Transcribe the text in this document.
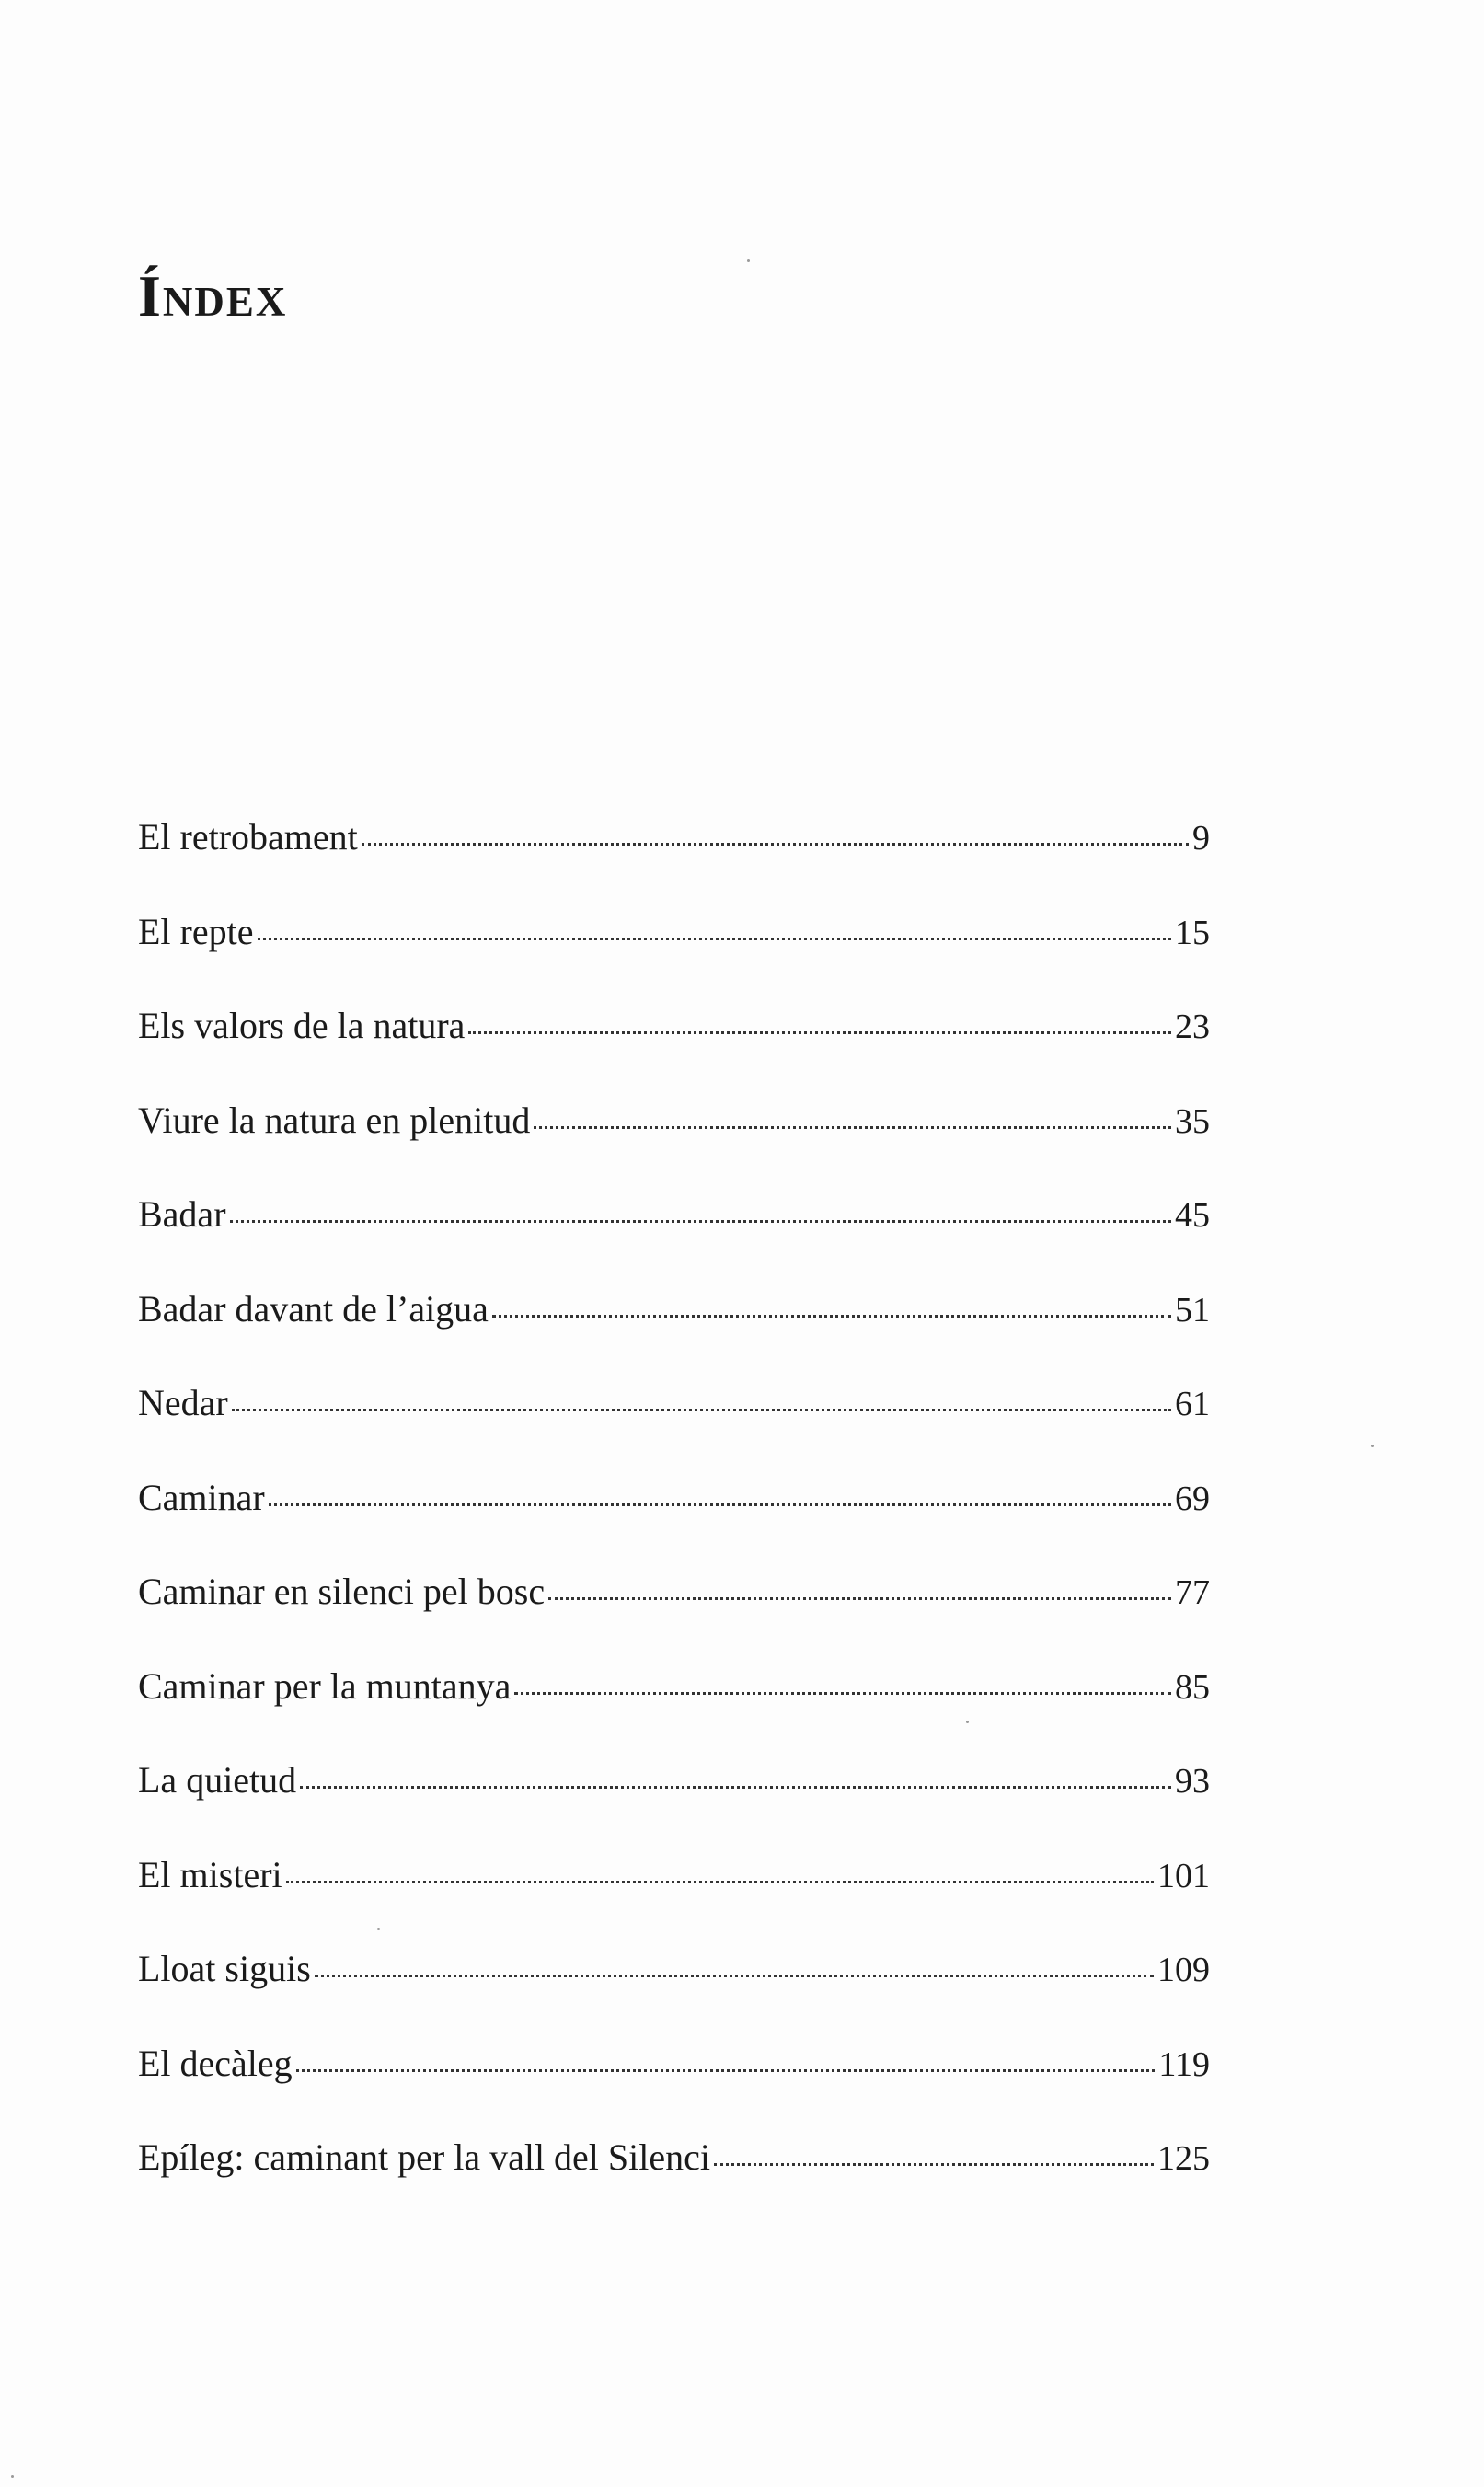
Índex
El retrobament	9
El repte	15
Els valors de la natura	23
Viure la natura en plenitud	35
Badar	45
Badar davant de l’aigua	51
Nedar	61
Caminar	69
Caminar en silenci pel bosc	77
Caminar per la muntanya	85
La quietud	93
El misteri	101
Lloat siguis	109
El decàleg	119
Epíleg: caminant per la vall del Silenci	125
